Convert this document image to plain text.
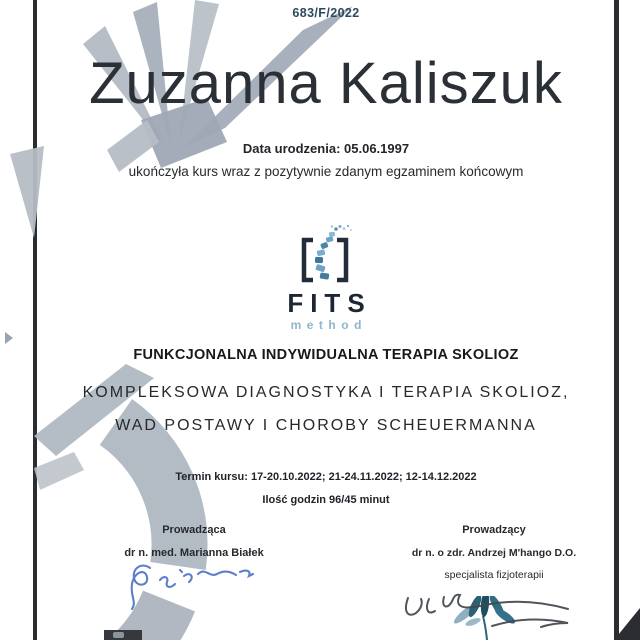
683/F/2022
Zuzanna Kaliszuk
Data urodzenia: 05.06.1997
ukończyła kurs wraz z pozytywnie zdanym egzaminem końcowym
FITS
method
FUNKCJONALNA INDYWIDUALNA TERAPIA SKOLIOZ
KOMPLEKSOWA DIAGNOSTYKA I TERAPIA SKOLIOZ,
WAD POSTAWY I CHOROBY SCHEUERMANNA
Termin kursu: 17-20.10.2022; 21-24.11.2022; 12-14.12.2022
Ilość godzin 96/45 minut
Prowadząca
dr n. med. Marianna Białek
Prowadzący
dr n. o zdr. Andrzej M'hango D.O.
specjalista fizjoterapii
